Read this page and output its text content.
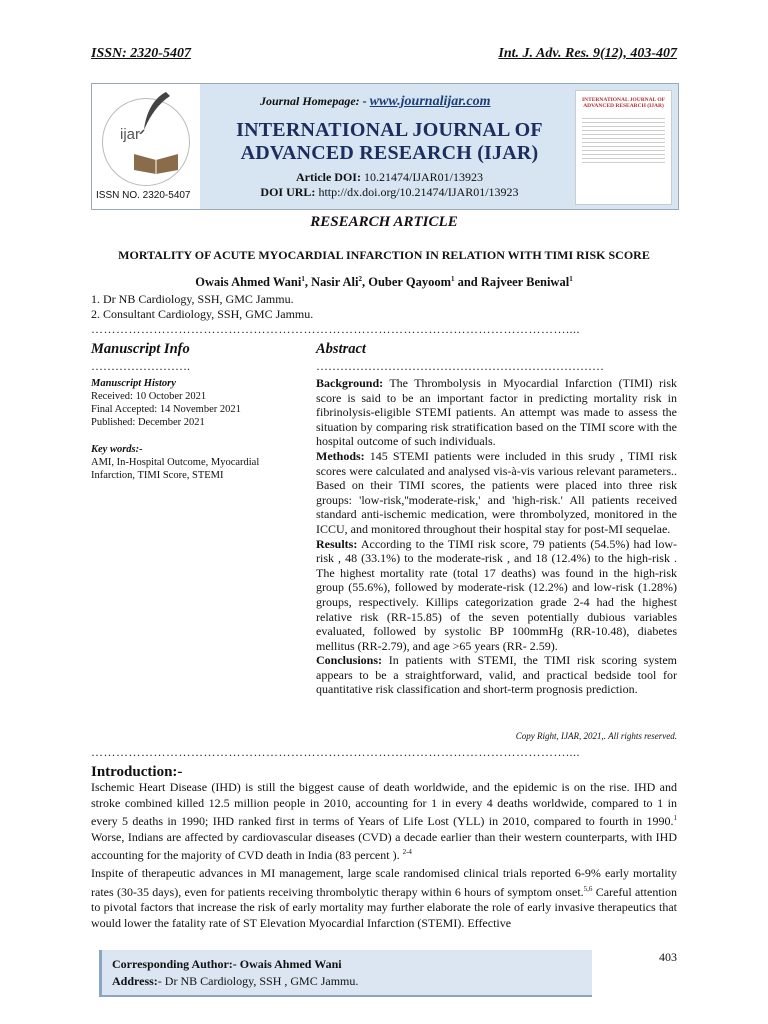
ISSN: 2320-5407	Int. J. Adv. Res. 9(12), 403-407
ijar
ISSN NO. 2320-5407
Journal Homepage: - www.journalijar.com
INTERNATIONAL JOURNAL OF
ADVANCED RESEARCH (IJAR)
Article DOI: 10.21474/IJAR01/13923
DOI URL: http://dx.doi.org/10.21474/IJAR01/13923
INTERNATIONAL JOURNAL OF ADVANCED RESEARCH (IJAR)
RESEARCH ARTICLE
MORTALITY OF ACUTE MYOCARDIAL INFARCTION IN RELATION WITH TIMI RISK SCORE
Owais Ahmed Wani$^1$, Nasir Ali$^2$, Ouber Qayoom$^1$ and Rajveer Beniwal$^1$
1. Dr NB Cardiology, SSH, GMC Jammu.
2. Consultant Cardiology, SSH, GMC Jammu.
……………………………………………………………………………………………………....
Manuscript Info
…………………….
Manuscript History
Received: 10 October 2021
Final Accepted: 14 November 2021
Published: December 2021
Key words:-
AMI, In-Hospital Outcome, Myocardial Infarction, TIMI Score, STEMI
Abstract
………………………………………………………………
Background: The Thrombolysis in Myocardial Infarction (TIMI) risk score is said to be an important factor in predicting mortality risk in fibrinolysis-eligible STEMI patients. An attempt was made to assess the situation by comparing risk stratification based on the TIMI score with the hospital outcome of such individuals.
Methods: 145 STEMI patients were included in this srudy , TIMI risk scores were calculated and analysed vis-à-vis various relevant parameters.. Based on their TIMI scores, the patients were placed into three risk groups: 'low-risk,''moderate-risk,' and 'high-risk.' All patients received standard anti-ischemic medication, were thrombolyzed, monitored in the ICCU, and monitored throughout their hospital stay for post-MI sequelae.
Results: According to the TIMI risk score, 79 patients (54.5%) had low-risk , 48 (33.1%) to the moderate-risk , and 18 (12.4%) to the high-risk . The highest mortality rate (total 17 deaths) was found in the high-risk group (55.6%), followed by moderate-risk (12.2%) and low-risk (1.28%) groups, respectively. Killips categorization grade 2-4 had the highest relative risk (RR-15.85) of the seven potentially dubious variables evaluated, followed by systolic BP 100mmHg (RR-10.48), diabetes mellitus (RR-2.79), and age >65 years (RR- 2.59).
Conclusions: In patients with STEMI, the TIMI risk scoring system appears to be a straightforward, valid, and practical bedside tool for quantitative risk classification and short-term prognosis prediction.
Copy Right, IJAR, 2021,. All rights reserved.
……………………………………………………………………………………………………....
Introduction:-
Ischemic Heart Disease (IHD) is still the biggest cause of death worldwide, and the epidemic is on the rise. IHD and stroke combined killed 12.5 million people in 2010, accounting for 1 in every 4 deaths worldwide, compared to 1 in every 5 deaths in 1990; IHD ranked first in terms of Years of Life Lost (YLL) in 2010, compared to fourth in 1990.$^1$ Worse, Indians are affected by cardiovascular diseases (CVD) a decade earlier than their western counterparts, with IHD accounting for the majority of CVD death in India (83 percent ). $^{2-4}$
Inspite of therapeutic advances in MI management, large scale randomised clinical trials reported 6-9% early mortality rates (30-35 days), even for patients receiving thrombolytic therapy within 6 hours of symptom onset.$^{5,6}$ Careful attention to pivotal factors that increase the risk of early mortality may further elaborate the role of early invasive therapeutics that would lower the fatality rate of ST Elevation Myocardial Infarction (STEMI). Effective
Corresponding Author:- Owais Ahmed Wani
Address:- Dr NB Cardiology, SSH , GMC Jammu.
403
